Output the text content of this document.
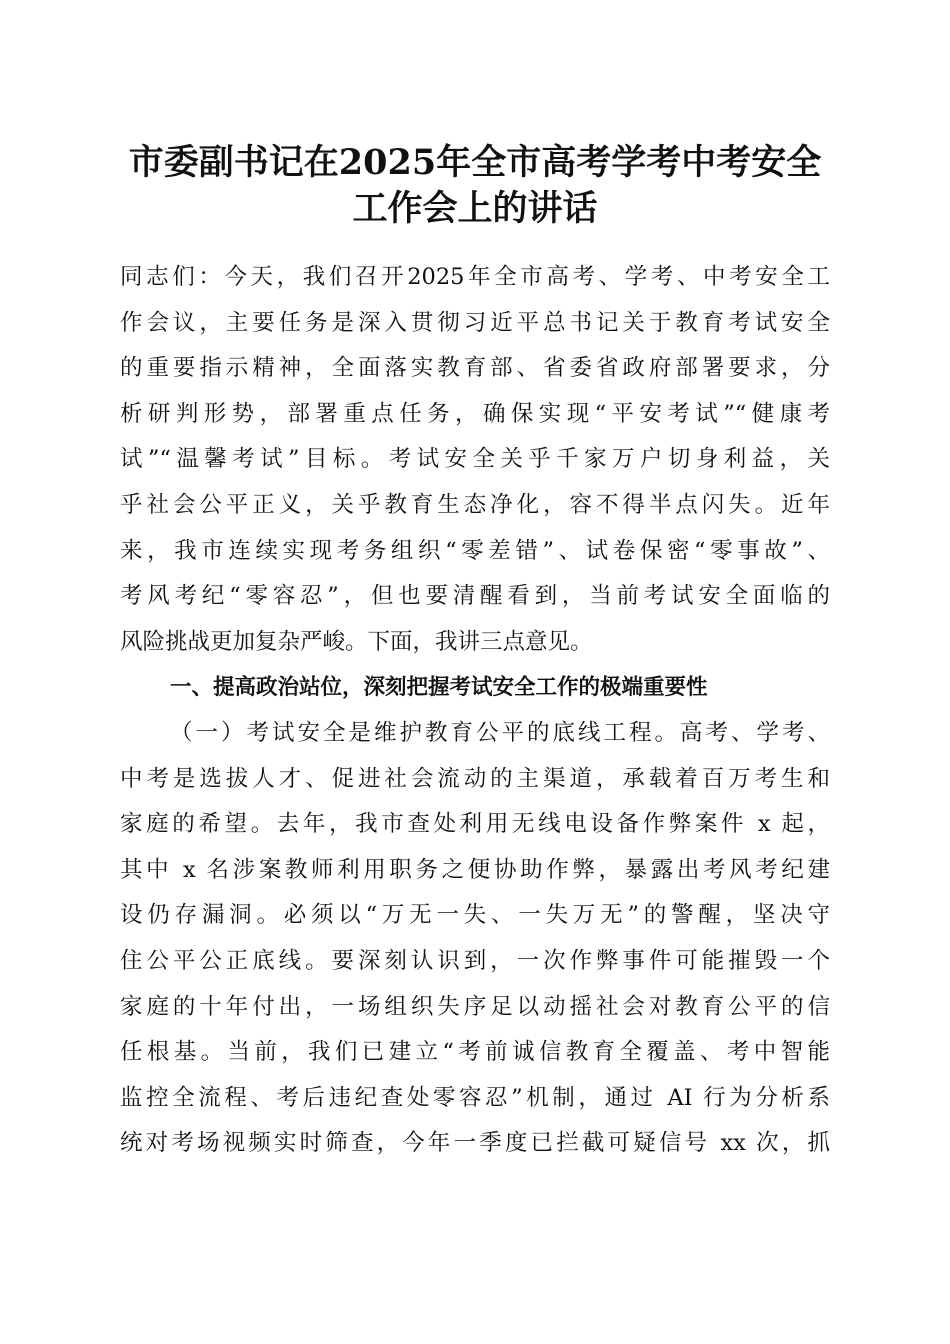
市委副书记在2025年全市高考学考中考安全
工作会上的讲话
同志们：今天，我们召开2025年全市高考、学考、中考安全工
作会议，主要任务是深入贯彻习近平总书记关于教育考试安全
的重要指示精神，全面落实教育部、省委省政府部署要求，分
析研判形势，部署重点任务，确保实现“平安考试”“健康考
试”“温馨考试”目标。考试安全关乎千家万户切身利益，关
乎社会公平正义，关乎教育生态净化，容不得半点闪失。近年
来，我市连续实现考务组织“零差错”、试卷保密“零事故”、
考风考纪“零容忍”，但也要清醒看到，当前考试安全面临的
风险挑战更加复杂严峻。下面，我讲三点意见。
一、提高政治站位，深刻把握考试安全工作的极端重要性
（一）考试安全是维护教育公平的底线工程。高考、学考、
中考是选拔人才、促进社会流动的主渠道，承载着百万考生和
家庭的希望。去年，我市查处利用无线电设备作弊案件 x 起，
其中 x 名涉案教师利用职务之便协助作弊，暴露出考风考纪建
设仍存漏洞。必须以“万无一失、一失万无”的警醒，坚决守
住公平公正底线。要深刻认识到，一次作弊事件可能摧毁一个
家庭的十年付出，一场组织失序足以动摇社会对教育公平的信
任根基。当前，我们已建立“考前诚信教育全覆盖、考中智能
监控全流程、考后违纪查处零容忍”机制，通过 AI 行为分析系
统对考场视频实时筛查，今年一季度已拦截可疑信号 xx 次，抓
